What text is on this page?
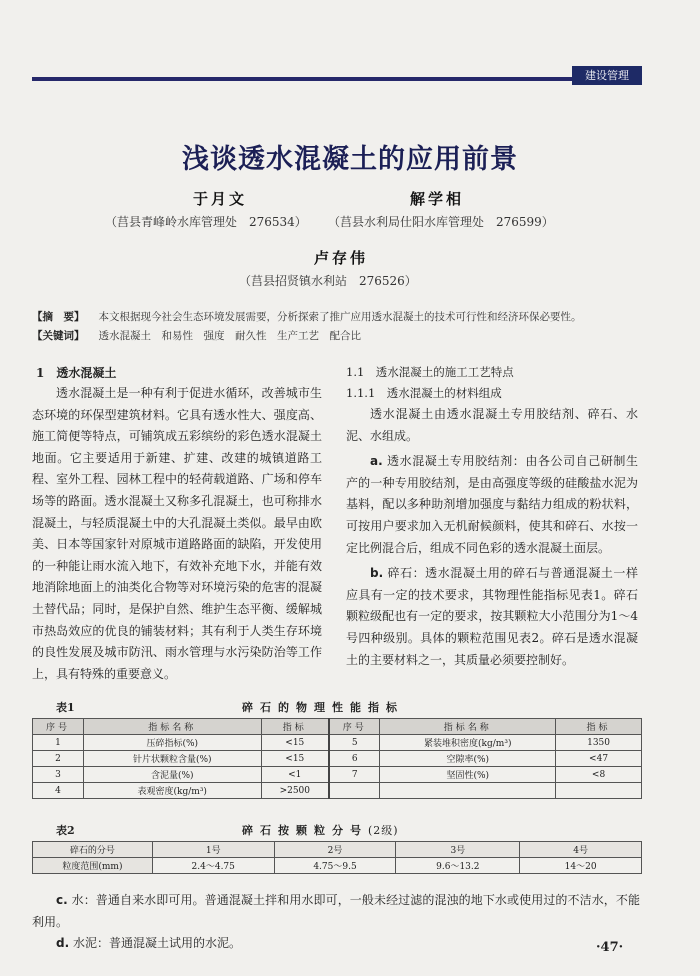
建设管理
浅谈透水混凝土的应用前景
于月文	解学相
（莒县青峰岭水库管理处　276534） （莒县水利局仕阳水库管理处　276599）
卢存伟
（莒县招贤镇水利站　276526）
【摘　要】 本文根据现今社会生态环境发展需要，分析探索了推广应用透水混凝土的技术可行性和经济环保必要性。
【关键词】 透水混凝土　和易性　强度　耐久性　生产工艺　配合比
1　透水混凝土

透水混凝土是一种有利于促进水循环，改善城市生态环境的环保型建筑材料。它具有透水性大、强度高、施工简便等特点，可铺筑成五彩缤纷的彩色透水混凝土地面。它主要适用于新建、扩建、改建的城镇道路工程、室外工程、园林工程中的轻荷载道路、广场和停车场等的路面。透水混凝土又称多孔混凝土，也可称排水混凝土，与轻质混凝土中的大孔混凝土类似。最早由欧美、日本等国家针对原城市道路路面的缺陷，开发使用的一种能让雨水流入地下，有效补充地下水，并能有效地消除地面上的油类化合物等对环境污染的危害的混凝土替代品；同时，是保护自然、维护生态平衡、缓解城市热岛效应的优良的铺装材料；其有利于人类生存环境的良性发展及城市防汛、雨水管理与水污染防治等工作上，具有特殊的重要意义。

1.1　透水混凝土的施工工艺特点
1.1.1　透水混凝土的材料组成

透水混凝土由透水混凝土专用胶结剂、碎石、水泥、水组成。

a. 透水混凝土专用胶结剂：由各公司自己研制生产的一种专用胶结剂，是由高强度等级的硅酸盐水泥为基料，配以多种助剂增加强度与黏结力组成的粉状料，可按用户要求加入无机耐候颜料，使其和碎石、水按一定比例混合后，组成不同色彩的透水混凝土面层。

b. 碎石：透水混凝土用的碎石与普通混凝土一样应具有一定的技术要求，其物理性能指标见表1。碎石颗粒级配也有一定的要求，按其颗粒大小范围分为1～4号四种级别。具体的颗粒范围见表2。碎石是透水混凝土的主要材料之一，其质量必须要控制好。

表1	碎石的物理性能指标
序号	指标名称	指标	序号	指标名称	指标
1	压碎指标(%)	<15	5	紧装堆积密度(kg/m³)	1350
2	针片状颗粒含量(%)	<15	6	空隙率(%)	<47
3	含泥量(%)	<1	7	坚固性(%)	<8
4	表观密度(kg/m³)	>2500			
表2	碎石按颗粒分号(2级)
碎石的分号	1号	2号	3号	4号
粒度范围(mm)	2.4～4.75	4.75～9.5	9.6～13.2	14～20

c. 水：普通自来水即可用。普通混凝土拌和用水即可，一般未经过滤的混浊的地下水或使用过的不洁水，不能利用。

d. 水泥：普通混凝土试用的水泥。	·47·
